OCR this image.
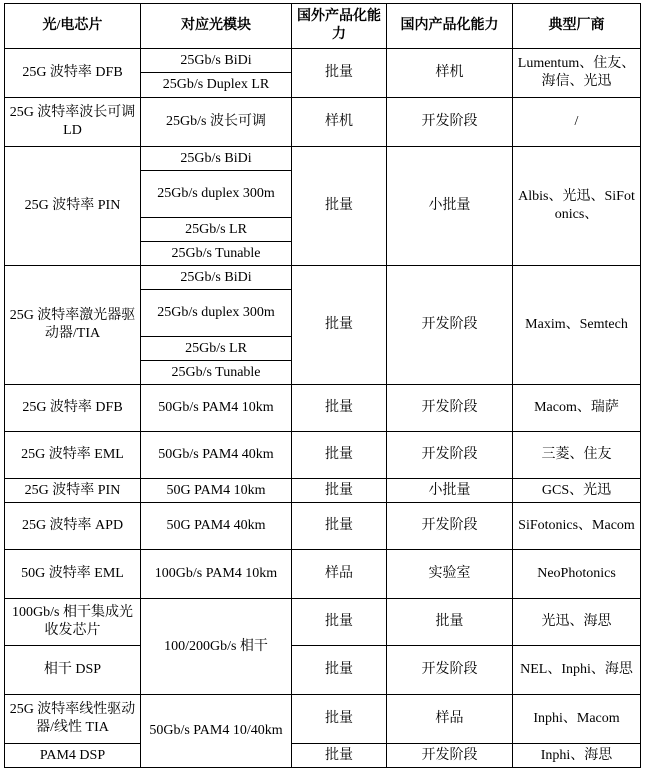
光/电芯片	对应光模块	国外产品化能力	国内产品化能力	典型厂商
25G 波特率 DFB	25Gb/s BiDi	批量	样机	Lumentum、住友、海信、光迅
	25Gb/s Duplex LR			
25G 波特率波长可调 LD	25Gb/s 波长可调	样机	开发阶段	/
25G 波特率 PIN	25Gb/s BiDi	批量	小批量	Albis、光迅、SiFotonics、
	25Gb/s duplex 300m			
	25Gb/s LR			
	25Gb/s Tunable			
25G 波特率激光器驱动器/TIA	25Gb/s BiDi	批量	开发阶段	Maxim、Semtech
	25Gb/s duplex 300m			
	25Gb/s LR			
	25Gb/s Tunable			
25G 波特率 DFB	50Gb/s PAM4 10km	批量	开发阶段	Macom、瑞萨
25G 波特率 EML	50Gb/s PAM4 40km	批量	开发阶段	三菱、住友
25G 波特率 PIN	50G PAM4 10km	批量	小批量	GCS、光迅
25G 波特率 APD	50G PAM4 40km	批量	开发阶段	SiFotonics、Macom
50G 波特率 EML	100Gb/s PAM4 10km	样品	实验室	NeoPhotonics
100Gb/s 相干集成光收发芯片	100/200Gb/s 相干	批量	批量	光迅、海思
相干 DSP		批量	开发阶段	NEL、Inphi、海思
25G 波特率线性驱动器/线性 TIA	50Gb/s PAM4 10/40km	批量	样品	Inphi、Macom
PAM4 DSP		批量	开发阶段	Inphi、海思
